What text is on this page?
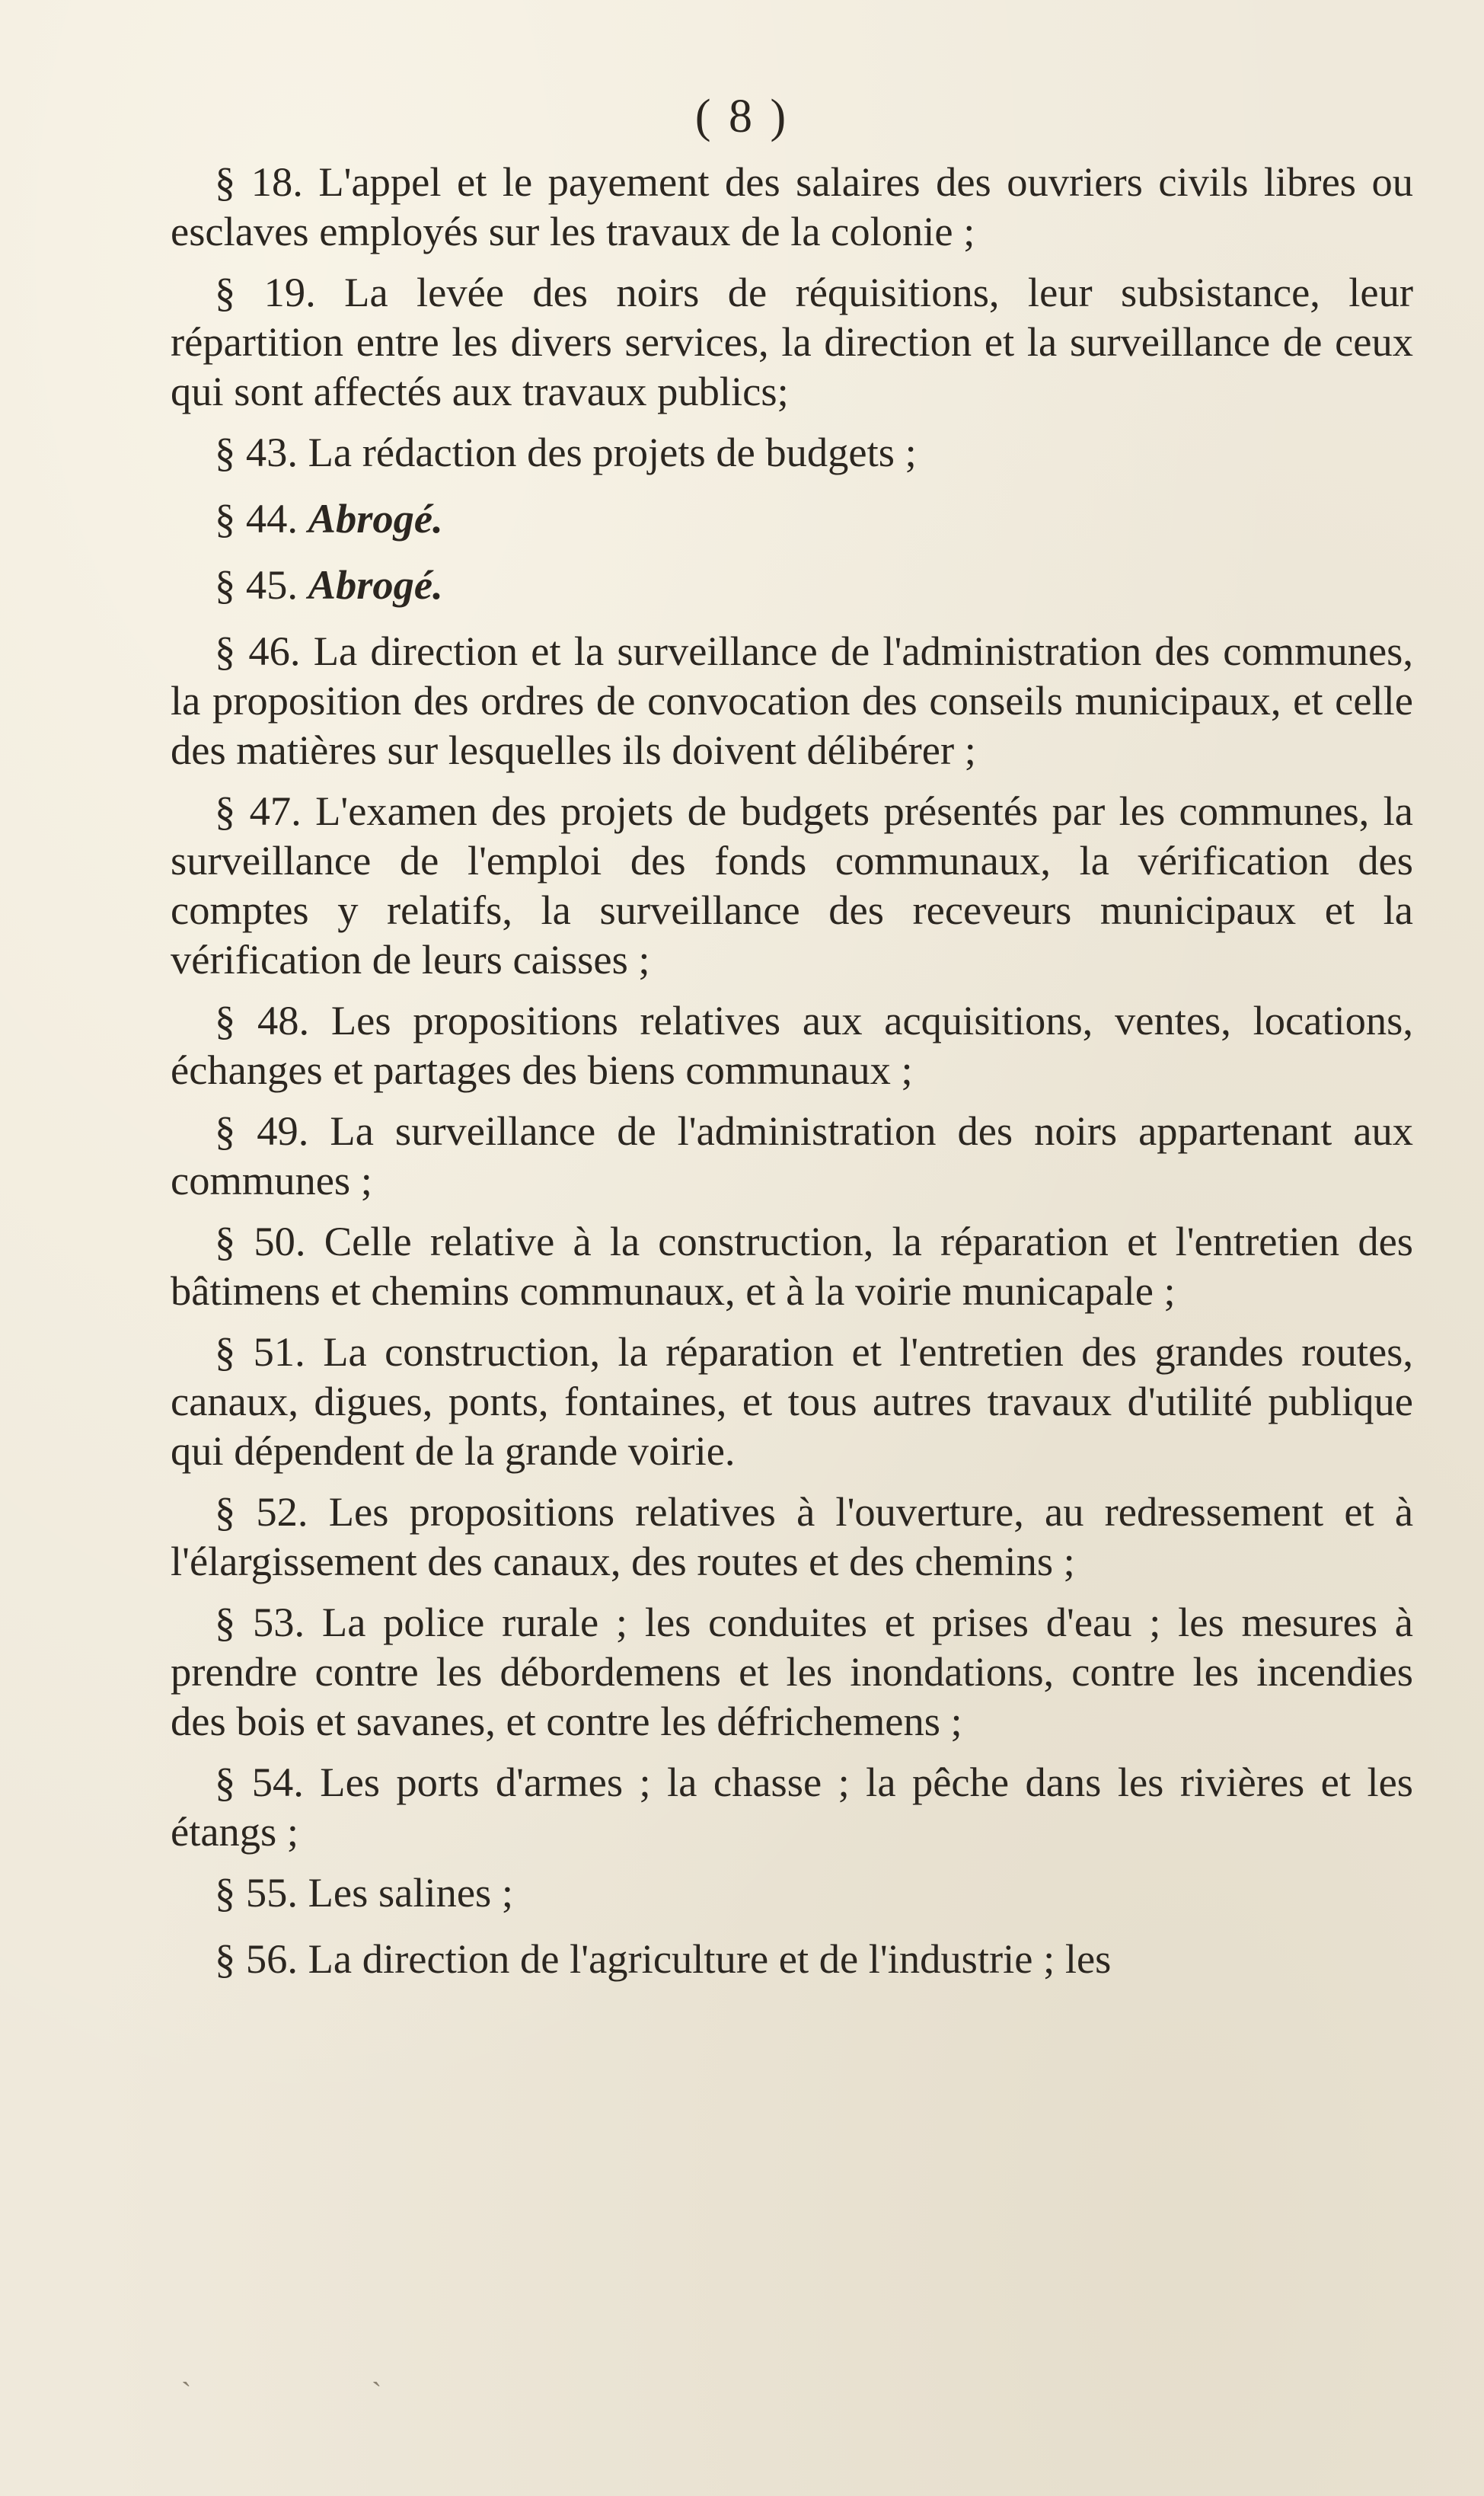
( 8 )

§ 18. L'appel et le payement des salaires des ouvriers civils libres ou esclaves employés sur les travaux de la colonie ;

§ 19. La levée des noirs de réquisitions, leur subsistance, leur répartition entre les divers services, la direction et la surveillance de ceux qui sont affectés aux travaux publics;

§ 43. La rédaction des projets de budgets ;

§ 44. Abrogé.

§ 45. Abrogé.

§ 46. La direction et la surveillance de l'administration des communes, la proposition des ordres de convocation des conseils municipaux, et celle des matières sur lesquelles ils doivent délibérer ;

§ 47. L'examen des projets de budgets présentés par les communes, la surveillance de l'emploi des fonds communaux, la vérification des comptes y relatifs, la surveillance des receveurs municipaux et la vérification de leurs caisses ;

§ 48. Les propositions relatives aux acquisitions, ventes, locations, échanges et partages des biens communaux ;

§ 49. La surveillance de l'administration des noirs appartenant aux communes ;

§ 50. Celle relative à la construction, la réparation et l'entretien des bâtimens et chemins communaux, et à la voirie municapale ;

§ 51. La construction, la réparation et l'entretien des grandes routes, canaux, digues, ponts, fontaines, et tous autres travaux d'utilité publique qui dépendent de la grande voirie.

§ 52. Les propositions relatives à l'ouverture, au redressement et à l'élargissement des canaux, des routes et des chemins ;

§ 53. La police rurale ; les conduites et prises d'eau ; les mesures à prendre contre les débordemens et les inondations, contre les incendies des bois et savanes, et contre les défrichemens ;

§ 54. Les ports d'armes ; la chasse ; la pêche dans les rivières et les étangs ;

§ 55. Les salines ;

§ 56. La direction de l'agriculture et de l'industrie ; les

`	`
